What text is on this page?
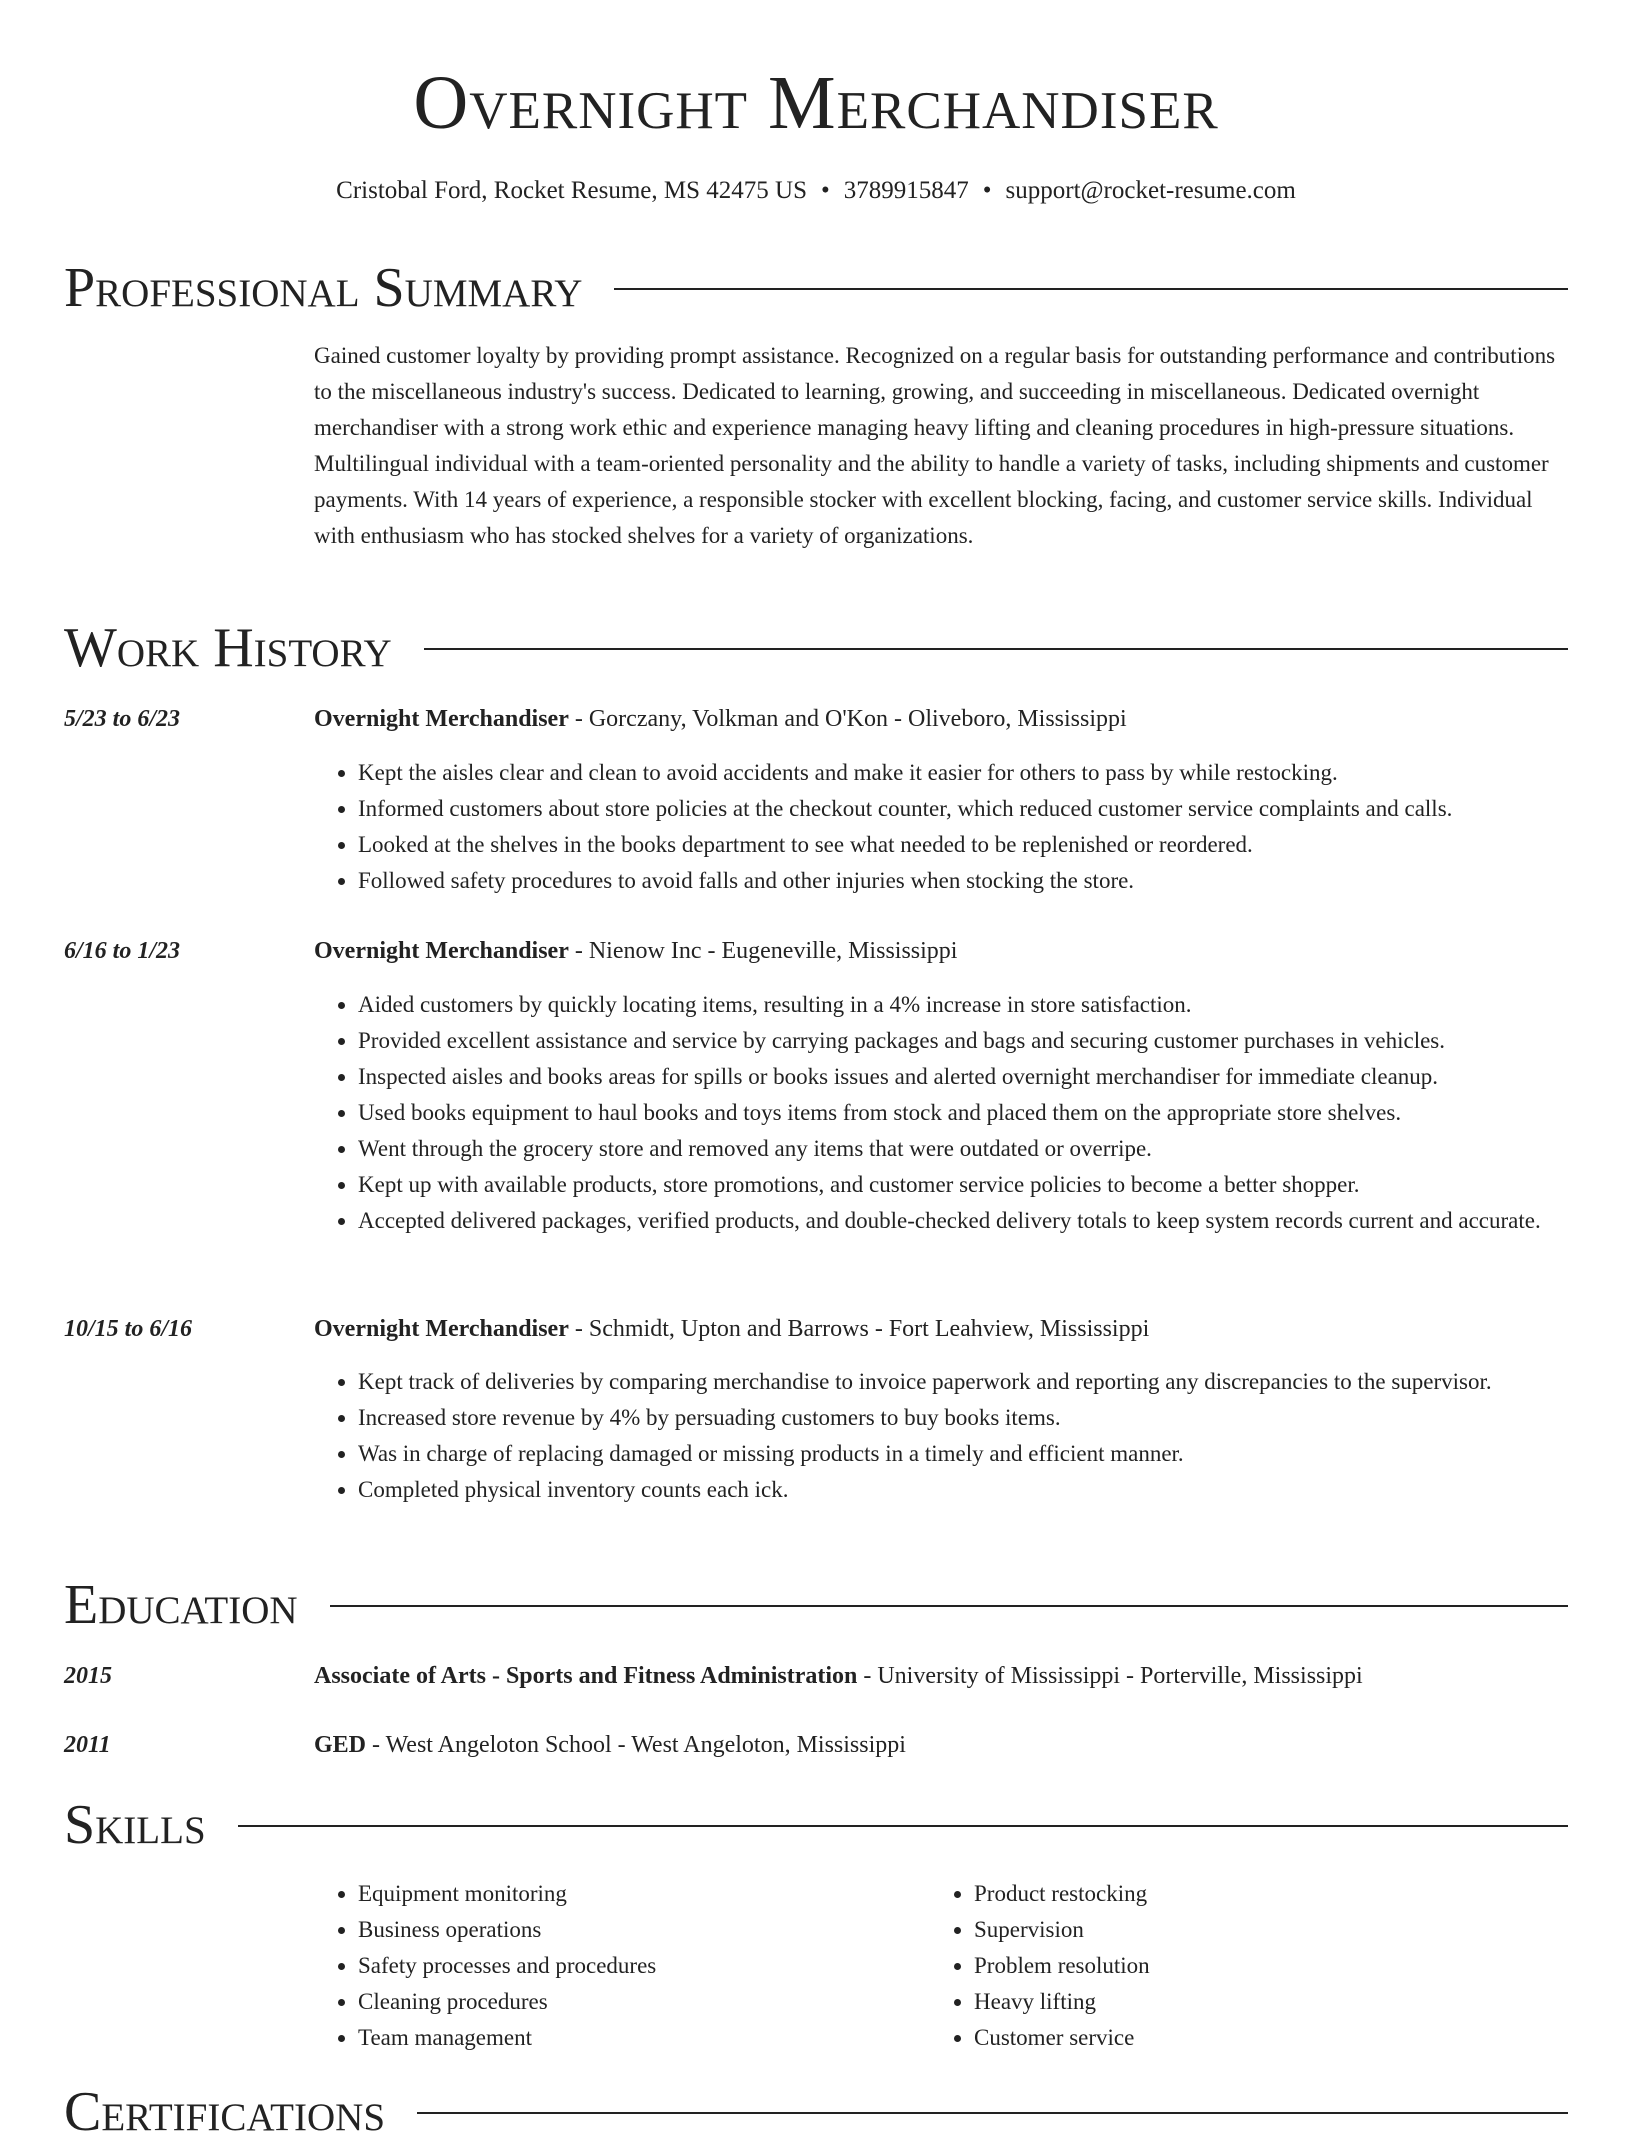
Overnight Merchandiser
Cristobal Ford, Rocket Resume, MS 42475 US • 3789915847 • support@rocket-resume.com
Professional Summary
Gained customer loyalty by providing prompt assistance. Recognized on a regular basis for outstanding performance and contributions to the miscellaneous industry's success. Dedicated to learning, growing, and succeeding in miscellaneous. Dedicated overnight merchandiser with a strong work ethic and experience managing heavy lifting and cleaning procedures in high-pressure situations. Multilingual individual with a team-oriented personality and the ability to handle a variety of tasks, including shipments and customer payments. With 14 years of experience, a responsible stocker with excellent blocking, facing, and customer service skills. Individual with enthusiasm who has stocked shelves for a variety of organizations.
Work History
5/23 to 6/23	Overnight Merchandiser - Gorczany, Volkman and O'Kon - Oliveboro, Mississippi
• Kept the aisles clear and clean to avoid accidents and make it easier for others to pass by while restocking.
• Informed customers about store policies at the checkout counter, which reduced customer service complaints and calls.
• Looked at the shelves in the books department to see what needed to be replenished or reordered.
• Followed safety procedures to avoid falls and other injuries when stocking the store.
6/16 to 1/23	Overnight Merchandiser - Nienow Inc - Eugeneville, Mississippi
• Aided customers by quickly locating items, resulting in a 4% increase in store satisfaction.
• Provided excellent assistance and service by carrying packages and bags and securing customer purchases in vehicles.
• Inspected aisles and books areas for spills or books issues and alerted overnight merchandiser for immediate cleanup.
• Used books equipment to haul books and toys items from stock and placed them on the appropriate store shelves.
• Went through the grocery store and removed any items that were outdated or overripe.
• Kept up with available products, store promotions, and customer service policies to become a better shopper.
• Accepted delivered packages, verified products, and double-checked delivery totals to keep system records current and accurate.
10/15 to 6/16	Overnight Merchandiser - Schmidt, Upton and Barrows - Fort Leahview, Mississippi
• Kept track of deliveries by comparing merchandise to invoice paperwork and reporting any discrepancies to the supervisor.
• Increased store revenue by 4% by persuading customers to buy books items.
• Was in charge of replacing damaged or missing products in a timely and efficient manner.
• Completed physical inventory counts each ick.
Education
2015	Associate of Arts - Sports and Fitness Administration - University of Mississippi - Porterville, Mississippi
2011	GED - West Angeloton School - West Angeloton, Mississippi
Skills
• Equipment monitoring
• Business operations
• Safety processes and procedures
• Cleaning procedures
• Team management
• Product restocking
• Supervision
• Problem resolution
• Heavy lifting
• Customer service
Certifications
